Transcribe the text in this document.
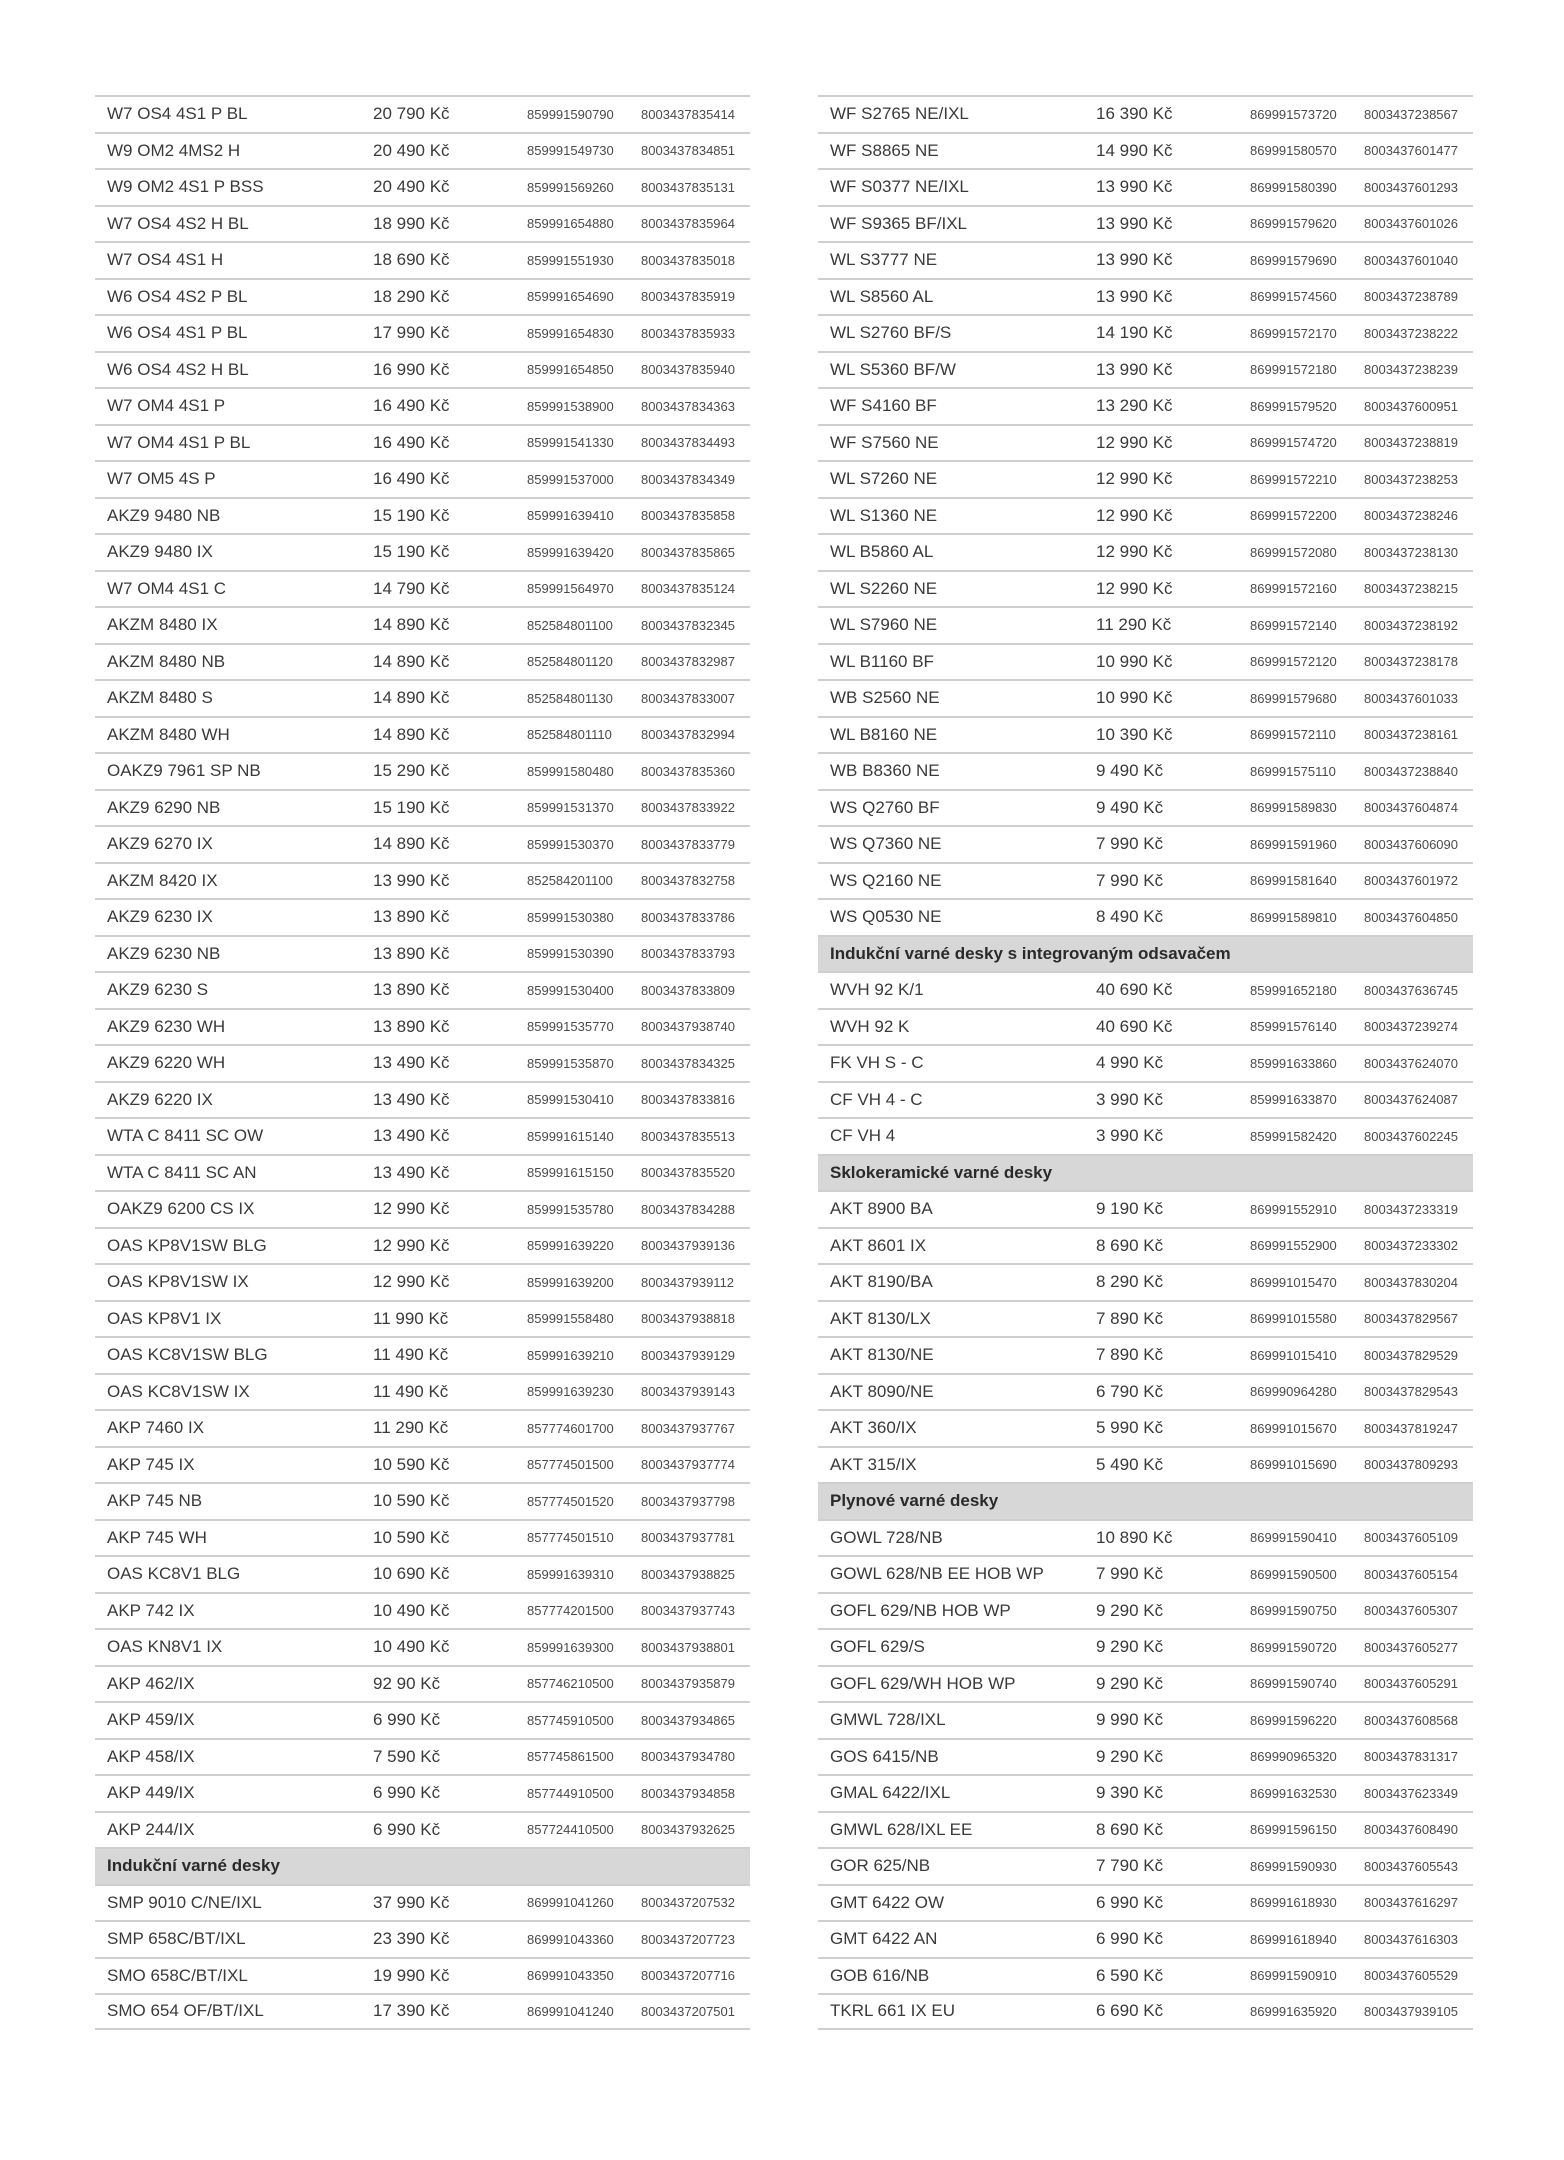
W7 OS4 4S1 P BL	20 790 Kč	859991590790 8003437835414
W9 OM2 4MS2 H	20 490 Kč	859991549730 8003437834851
W9 OM2 4S1 P BSS	20 490 Kč	859991569260 8003437835131
W7 OS4 4S2 H BL	18 990 Kč	859991654880 8003437835964
W7 OS4 4S1 H	18 690 Kč	859991551930 8003437835018
W6 OS4 4S2 P BL	18 290 Kč	859991654690 8003437835919
W6 OS4 4S1 P BL	17 990 Kč	859991654830 8003437835933
W6 OS4 4S2 H BL	16 990 Kč	859991654850 8003437835940
W7 OM4 4S1 P	16 490 Kč	859991538900 8003437834363
W7 OM4 4S1 P BL	16 490 Kč	859991541330 8003437834493
W7 OM5 4S P	16 490 Kč	859991537000 8003437834349
AKZ9 9480 NB	15 190 Kč	859991639410 8003437835858
AKZ9 9480 IX	15 190 Kč	859991639420 8003437835865
W7 OM4 4S1 C	14 790 Kč	859991564970 8003437835124
AKZM 8480 IX	14 890 Kč	852584801100 8003437832345
AKZM 8480 NB	14 890 Kč	852584801120 8003437832987
AKZM 8480 S	14 890 Kč	852584801130 8003437833007
AKZM 8480 WH	14 890 Kč	852584801110 8003437832994
OAKZ9 7961 SP NB	15 290 Kč	859991580480 8003437835360
AKZ9 6290 NB	15 190 Kč	859991531370 8003437833922
AKZ9 6270 IX	14 890 Kč	859991530370 8003437833779
AKZM 8420 IX	13 990 Kč	852584201100 8003437832758
AKZ9 6230 IX	13 890 Kč	859991530380 8003437833786
AKZ9 6230 NB	13 890 Kč	859991530390 8003437833793
AKZ9 6230 S	13 890 Kč	859991530400 8003437833809
AKZ9 6230 WH	13 890 Kč	859991535770 8003437938740
AKZ9 6220 WH	13 490 Kč	859991535870 8003437834325
AKZ9 6220 IX	13 490 Kč	859991530410 8003437833816
WTA C 8411 SC OW	13 490 Kč	859991615140 8003437835513
WTA C 8411 SC AN	13 490 Kč	859991615150 8003437835520
OAKZ9 6200 CS IX	12 990 Kč	859991535780 8003437834288
OAS KP8V1SW BLG	12 990 Kč	859991639220 8003437939136
OAS KP8V1SW IX	12 990 Kč	859991639200 8003437939112
OAS KP8V1 IX	11 990 Kč	859991558480 8003437938818
OAS KC8V1SW BLG	11 490 Kč	859991639210 8003437939129
OAS KC8V1SW IX	11 490 Kč	859991639230 8003437939143
AKP 7460 IX	11 290 Kč	857774601700 8003437937767
AKP 745 IX	10 590 Kč	857774501500 8003437937774
AKP 745 NB	10 590 Kč	857774501520 8003437937798
AKP 745 WH	10 590 Kč	857774501510 8003437937781
OAS KC8V1 BLG	10 690 Kč	859991639310 8003437938825
AKP 742 IX	10 490 Kč	857774201500 8003437937743
OAS KN8V1 IX	10 490 Kč	859991639300 8003437938801
AKP 462/IX	92 90 Kč	857746210500 8003437935879
AKP 459/IX	6 990 Kč	857745910500 8003437934865
AKP 458/IX	7 590 Kč	857745861500 8003437934780
AKP 449/IX	6 990 Kč	857744910500 8003437934858
AKP 244/IX	6 990 Kč	857724410500 8003437932625
Indukční varné desky
SMP 9010 C/NE/IXL	37 990 Kč	869991041260 8003437207532
SMP 658C/BT/IXL	23 390 Kč	869991043360 8003437207723
SMO 658C/BT/IXL	19 990 Kč	869991043350 8003437207716
SMO 654 OF/BT/IXL	17 390 Kč	869991041240 8003437207501
WF S2765 NE/IXL	16 390 Kč	869991573720 8003437238567
WF S8865 NE	14 990 Kč	869991580570 8003437601477
WF S0377 NE/IXL	13 990 Kč	869991580390 8003437601293
WF S9365 BF/IXL	13 990 Kč	869991579620 8003437601026
WL S3777 NE	13 990 Kč	869991579690 8003437601040
WL S8560 AL	13 990 Kč	869991574560 8003437238789
WL S2760 BF/S	14 190 Kč	869991572170 8003437238222
WL S5360 BF/W	13 990 Kč	869991572180 8003437238239
WF S4160 BF	13 290 Kč	869991579520 8003437600951
WF S7560 NE	12 990 Kč	869991574720 8003437238819
WL S7260 NE	12 990 Kč	869991572210 8003437238253
WL S1360 NE	12 990 Kč	869991572200 8003437238246
WL B5860 AL	12 990 Kč	869991572080 8003437238130
WL S2260 NE	12 990 Kč	869991572160 8003437238215
WL S7960 NE	11 290 Kč	869991572140 8003437238192
WL B1160 BF	10 990 Kč	869991572120 8003437238178
WB S2560 NE	10 990 Kč	869991579680 8003437601033
WL B8160 NE	10 390 Kč	869991572110 8003437238161
WB B8360 NE	9 490 Kč	869991575110 8003437238840
WS Q2760 BF	9 490 Kč	869991589830 8003437604874
WS Q7360 NE	7 990 Kč	869991591960 8003437606090
WS Q2160 NE	7 990 Kč	869991581640 8003437601972
WS Q0530 NE	8 490 Kč	869991589810 8003437604850
Indukční varné desky s integrovaným odsavačem
WVH 92 K/1	40 690 Kč	859991652180 8003437636745
WVH 92 K	40 690 Kč	859991576140 8003437239274
FK VH S - C	4 990 Kč	859991633860 8003437624070
CF VH 4 - C	3 990 Kč	859991633870 8003437624087
CF VH 4	3 990 Kč	859991582420 8003437602245
Sklokeramické varné desky
AKT 8900 BA	9 190 Kč	869991552910 8003437233319
AKT 8601 IX	8 690 Kč	869991552900 8003437233302
AKT 8190/BA	8 290 Kč	869991015470 8003437830204
AKT 8130/LX	7 890 Kč	869991015580 8003437829567
AKT 8130/NE	7 890 Kč	869991015410 8003437829529
AKT 8090/NE	6 790 Kč	869990964280 8003437829543
AKT 360/IX	5 990 Kč	869991015670 8003437819247
AKT 315/IX	5 490 Kč	869991015690 8003437809293
Plynové varné desky
GOWL 728/NB	10 890 Kč	869991590410 8003437605109
GOWL 628/NB EE HOB WP	7 990 Kč	869991590500 8003437605154
GOFL 629/NB HOB WP	9 290 Kč	869991590750 8003437605307
GOFL 629/S	9 290 Kč	869991590720 8003437605277
GOFL 629/WH HOB WP	9 290 Kč	869991590740 8003437605291
GMWL 728/IXL	9 990 Kč	869991596220 8003437608568
GOS 6415/NB	9 290 Kč	869990965320 8003437831317
GMAL 6422/IXL	9 390 Kč	869991632530 8003437623349
GMWL 628/IXL EE	8 690 Kč	869991596150 8003437608490
GOR 625/NB	7 790 Kč	869991590930 8003437605543
GMT 6422 OW	6 990 Kč	869991618930 8003437616297
GMT 6422 AN	6 990 Kč	869991618940 8003437616303
GOB 616/NB	6 590 Kč	869991590910 8003437605529
TKRL 661 IX EU	6 690 Kč	869991635920 8003437939105
